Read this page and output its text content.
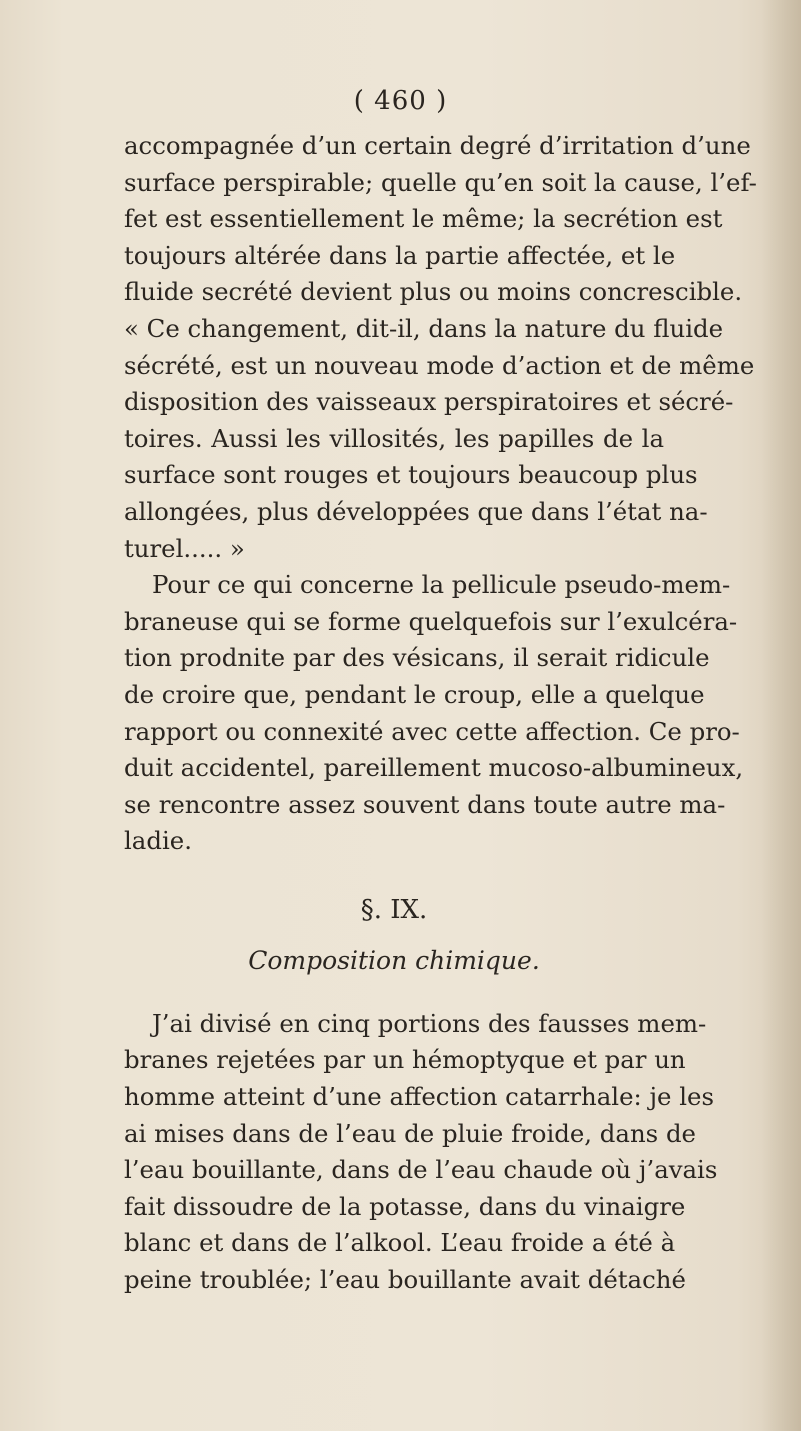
( 460 )
accompagnée d’un certain degré d’irritation d’une
surface perspirable; quelle qu’en soit la cause, l’ef-
fet est essentiellement le même; la secrétion est
toujours altérée dans la partie affectée, et le
fluide secrété devient plus ou moins concrescible.
« Ce changement, dit-il, dans la nature du fluide
sécrété, est un nouveau mode d’action et de même
disposition des vaisseaux perspiratoires et sécré-
toires. Aussi les villosités, les papilles de la
surface sont rouges et toujours beaucoup plus
allongées, plus développées que dans l’état na-
turel..... »
Pour ce qui concerne la pellicule pseudo-mem-
braneuse qui se forme quelquefois sur l’exulcéra-
tion prodnite par des vésicans, il serait ridicule
de croire que, pendant le croup, elle a quelque
rapport ou connexité avec cette affection. Ce pro-
duit accidentel, pareillement mucoso-albumineux,
se rencontre assez souvent dans toute autre ma-
ladie.
§. IX.
Composition chimique.
J’ai divisé en cinq portions des fausses mem-
branes rejetées par un hémoptyque et par un
homme atteint d’une affection catarrhale: je les
ai mises dans de l’eau de pluie froide, dans de
l’eau bouillante, dans de l’eau chaude où j’avais
fait dissoudre de la potasse, dans du vinaigre
blanc et dans de l’alkool. L’eau froide a été à
peine troublée; l’eau bouillante avait détaché
